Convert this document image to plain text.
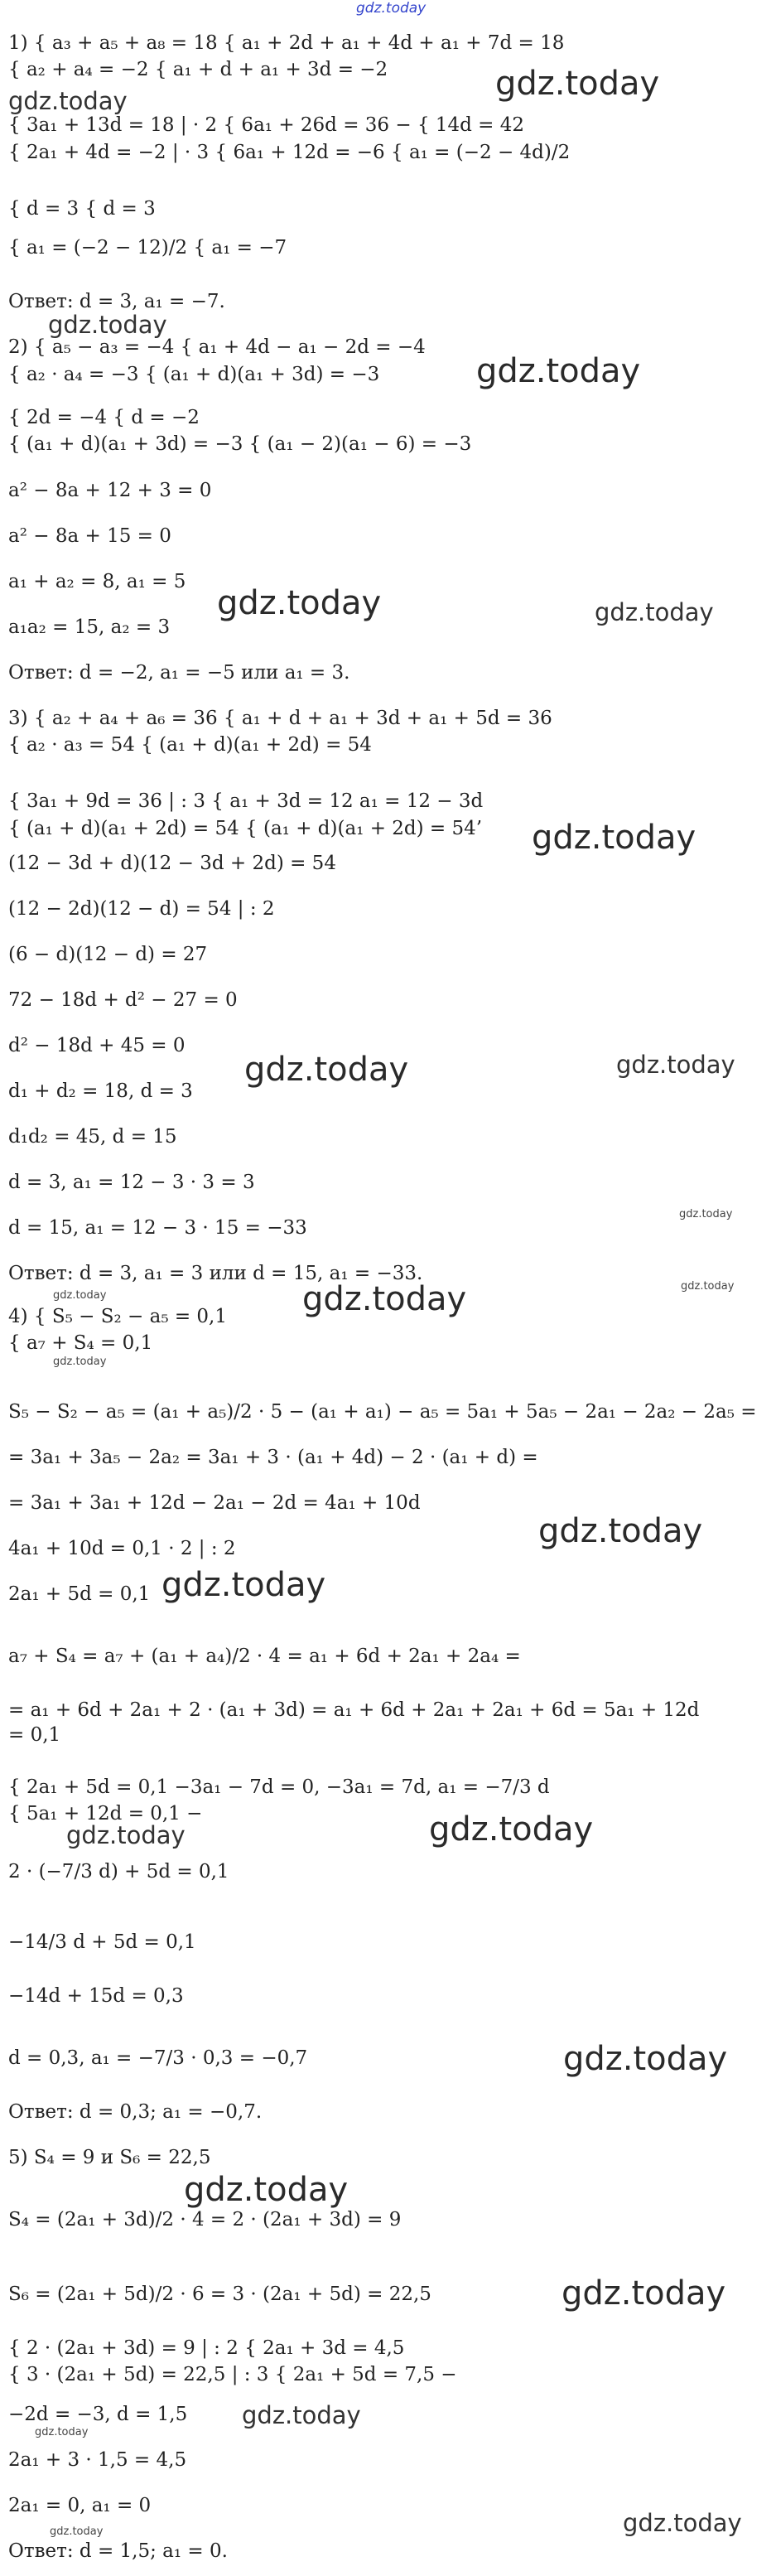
gdz.today
1) { a₃ + a₅ + a₈ = 18 { a₁ + 2d + a₁ + 4d + a₁ + 7d = 18
{ a₂ + a₄ = −2 { a₁ + d + a₁ + 3d = −2
{ 3a₁ + 13d = 18 | · 2 { 6a₁ + 26d = 36 − { 14d = 42
{ 2a₁ + 4d = −2 | · 3 { 6a₁ + 12d = −6 { a₁ = (−2 − 4d)/2
{ d = 3 { d = 3
{ a₁ = (−2 − 12)/2 { a₁ = −7
Ответ: d = 3, a₁ = −7.
2) { a₅ − a₃ = −4 { a₁ + 4d − a₁ − 2d = −4
{ a₂ · a₄ = −3 { (a₁ + d)(a₁ + 3d) = −3
{ 2d = −4 { d = −2
{ (a₁ + d)(a₁ + 3d) = −3 { (a₁ − 2)(a₁ − 6) = −3
a² − 8a + 12 + 3 = 0
a² − 8a + 15 = 0
a₁ + a₂ = 8, a₁ = 5
a₁a₂ = 15, a₂ = 3
Ответ: d = −2, a₁ = −5 или a₁ = 3.
3) { a₂ + a₄ + a₆ = 36 { a₁ + d + a₁ + 3d + a₁ + 5d = 36
{ a₂ · a₃ = 54 { (a₁ + d)(a₁ + 2d) = 54
{ 3a₁ + 9d = 36 | : 3 { a₁ + 3d = 12 a₁ = 12 − 3d
{ (a₁ + d)(a₁ + 2d) = 54 { (a₁ + d)(a₁ + 2d) = 54’
(12 − 3d + d)(12 − 3d + 2d) = 54
(12 − 2d)(12 − d) = 54 | : 2
(6 − d)(12 − d) = 27
72 − 18d + d² − 27 = 0
d² − 18d + 45 = 0
d₁ + d₂ = 18, d = 3
d₁d₂ = 45, d = 15
d = 3, a₁ = 12 − 3 · 3 = 3
d = 15, a₁ = 12 − 3 · 15 = −33
Ответ: d = 3, a₁ = 3 или d = 15, a₁ = −33.
4) { S₅ − S₂ − a₅ = 0,1
{ a₇ + S₄ = 0,1
S₅ − S₂ − a₅ = (a₁ + a₅)/2 · 5 − (a₁ + a₁) − a₅ = 5a₁ + 5a₅ − 2a₁ − 2a₂ − 2a₅ =
= 3a₁ + 3a₅ − 2a₂ = 3a₁ + 3 · (a₁ + 4d) − 2 · (a₁ + d) =
= 3a₁ + 3a₁ + 12d − 2a₁ − 2d = 4a₁ + 10d
4a₁ + 10d = 0,1 · 2 | : 2
2a₁ + 5d = 0,1
a₇ + S₄ = a₇ + (a₁ + a₄)/2 · 4 = a₁ + 6d + 2a₁ + 2a₄ =
= a₁ + 6d + 2a₁ + 2 · (a₁ + 3d) = a₁ + 6d + 2a₁ + 2a₁ + 6d = 5a₁ + 12d
= 0,1
{ 2a₁ + 5d = 0,1 −3a₁ − 7d = 0, −3a₁ = 7d, a₁ = −7/3 d
{ 5a₁ + 12d = 0,1 −
2 · (−7/3 d) + 5d = 0,1
−14/3 d + 5d = 0,1
−14d + 15d = 0,3
d = 0,3, a₁ = −7/3 · 0,3 = −0,7
Ответ: d = 0,3; a₁ = −0,7.
5) S₄ = 9 и S₆ = 22,5
S₄ = (2a₁ + 3d)/2 · 4 = 2 · (2a₁ + 3d) = 9
S₆ = (2a₁ + 5d)/2 · 6 = 3 · (2a₁ + 5d) = 22,5
{ 2 · (2a₁ + 3d) = 9 | : 2 { 2a₁ + 3d = 4,5
{ 3 · (2a₁ + 5d) = 22,5 | : 3 { 2a₁ + 5d = 7,5 −
−2d = −3, d = 1,5
2a₁ + 3 · 1,5 = 4,5
2a₁ = 0, a₁ = 0
Ответ: d = 1,5; a₁ = 0.
gdz.today
gdz.today
gdz.today
gdz.today
gdz.today	gdz.today
gdz.today
gdz.today	gdz.today
gdz.today
gdz.today
gdz.today
gdz.today
gdz.today
gdz.today
gdz.today
gdz.today	gdz.today
gdz.today
gdz.today
gdz.today
gdz.today
gdz.today
gdz.today
gdz.today
